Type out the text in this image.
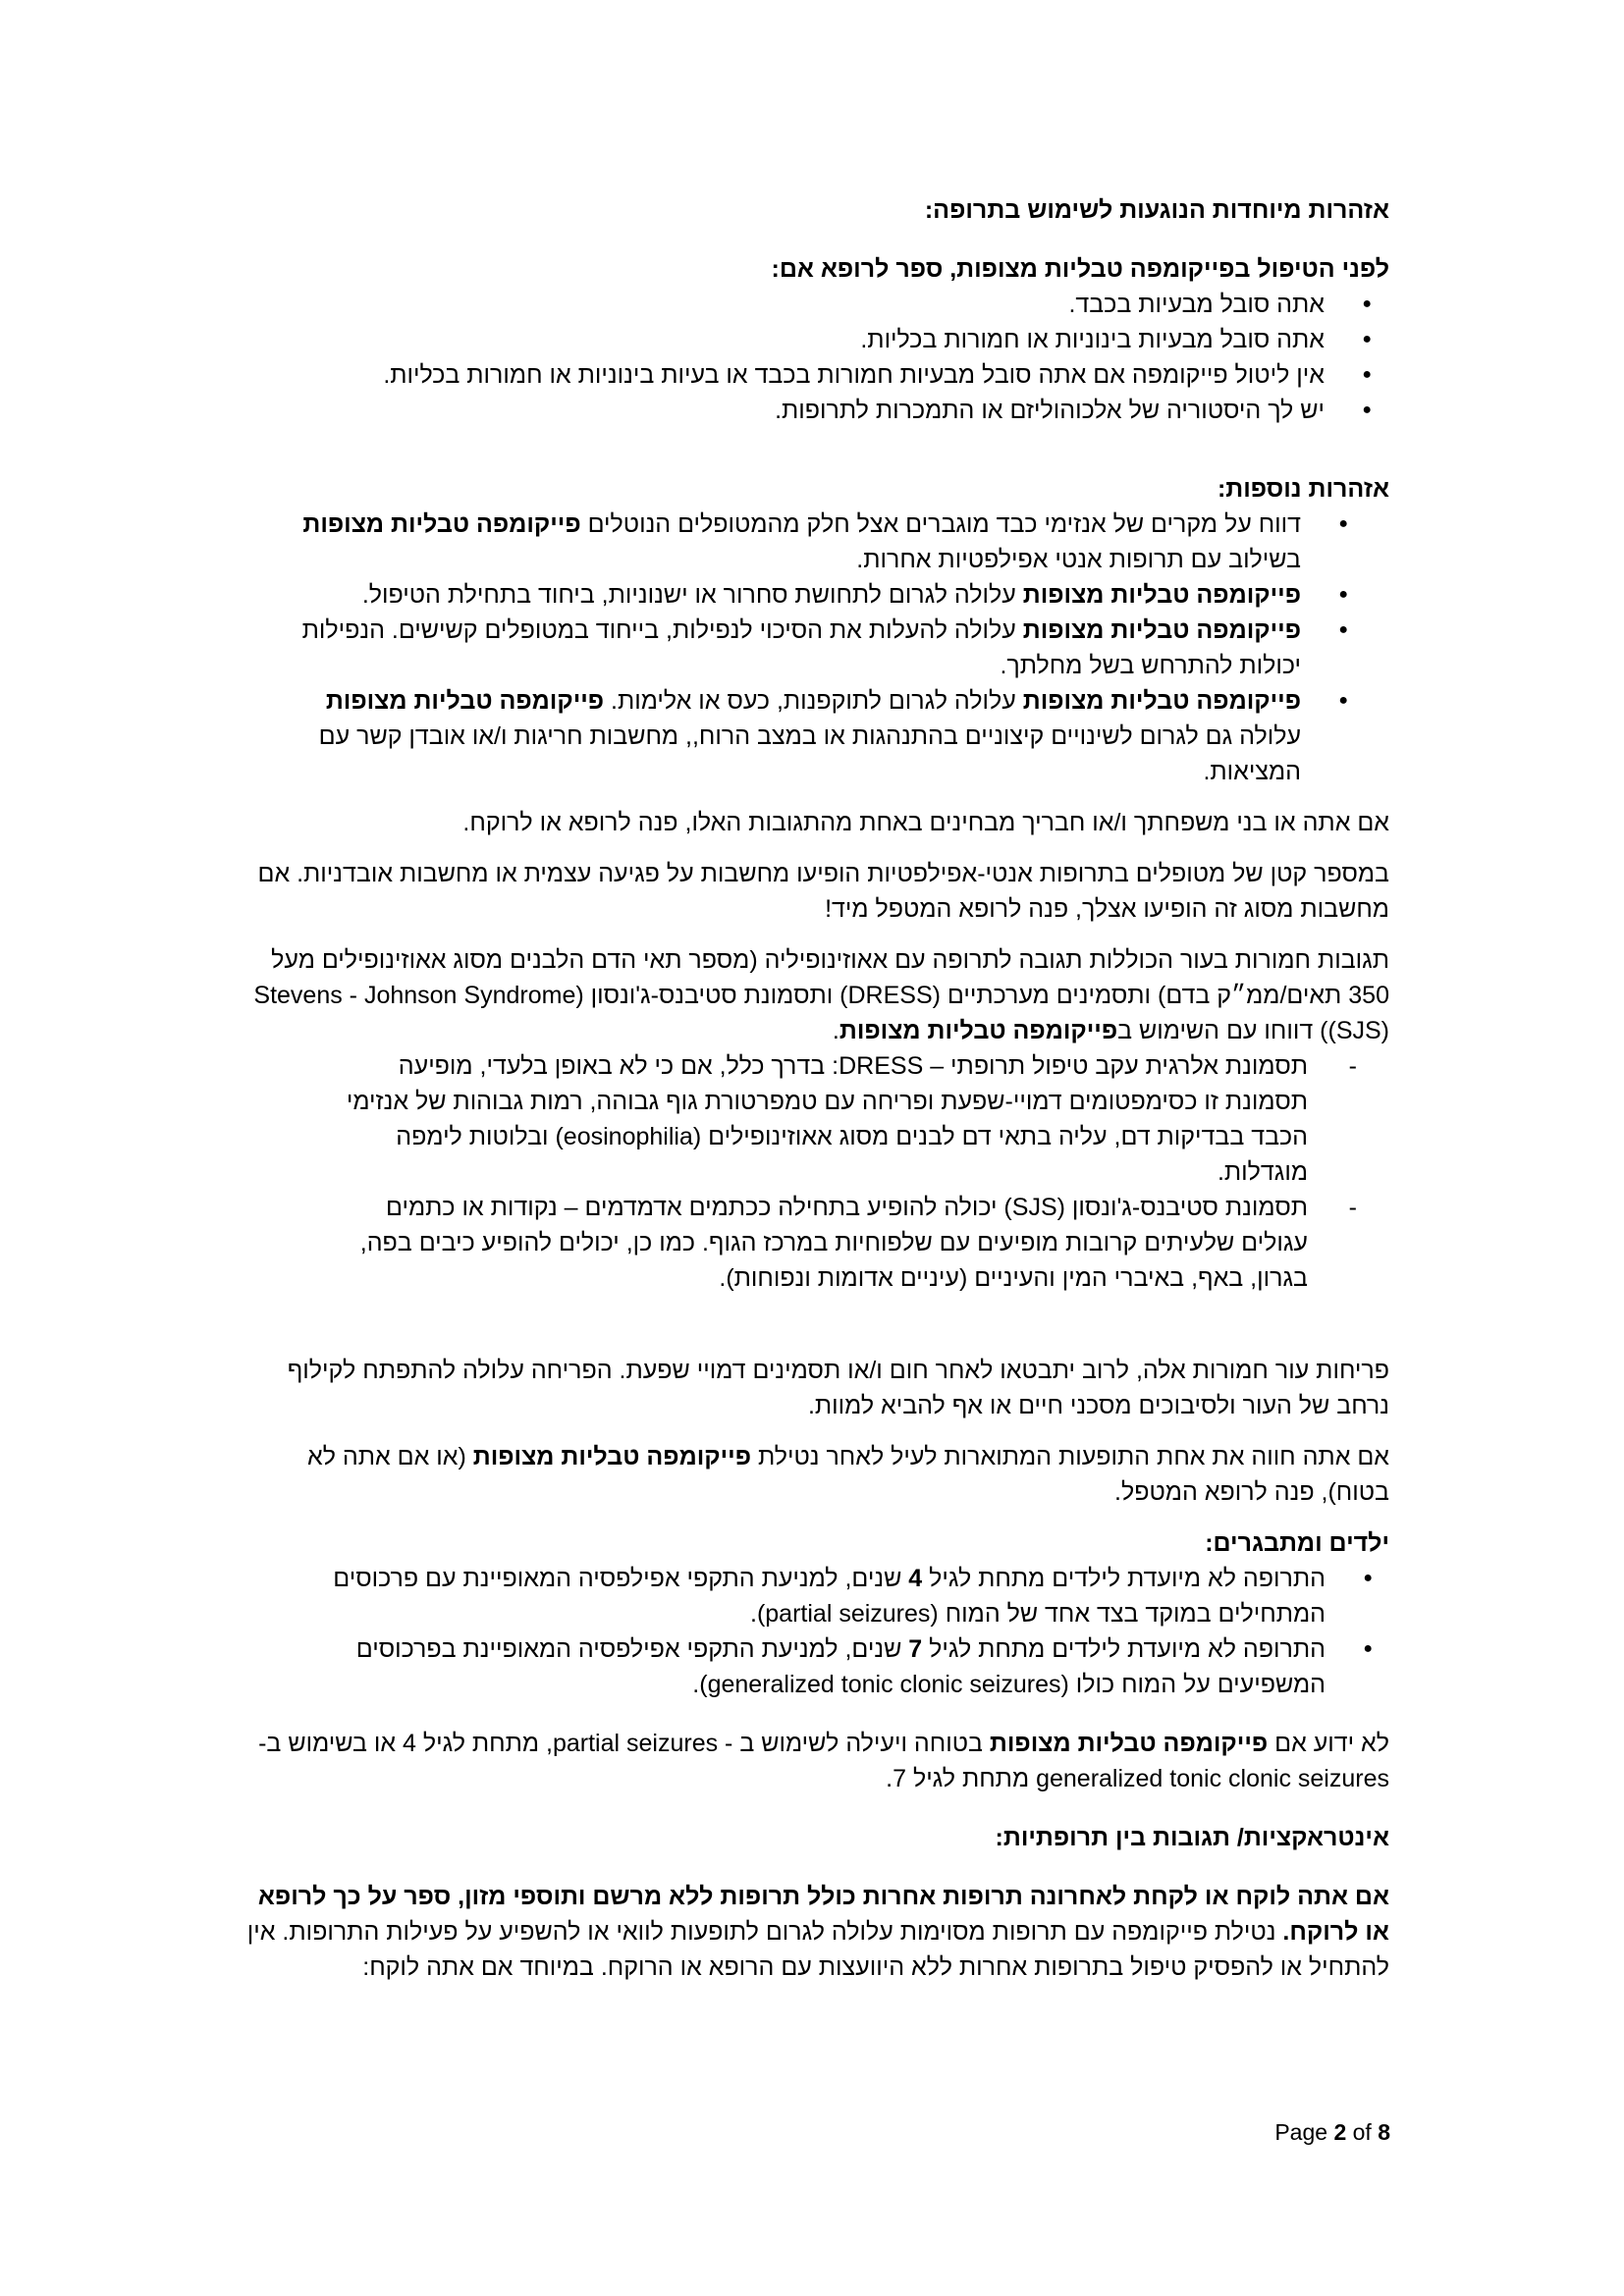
אזהרות מיוחדות הנוגעות לשימוש בתרופה:

לפני הטיפול בפייקומפה טבליות מצופות, ספר לרופא אם:

● אתה סובל מבעיות בכבד.
● אתה סובל מבעיות בינוניות או חמורות בכליות.
● אין ליטול פייקומפה אם אתה סובל מבעיות חמורות בכבד או בעיות בינוניות או חמורות בכליות.
● יש לך היסטוריה של אלכוהוליזם או התמכרות לתרופות.

אזהרות נוספות:

● דווח על מקרים של אנזימי כבד מוגברים אצל חלק מהמטופלים הנוטלים פייקומפה טבליות מצופות בשילוב עם תרופות אנטי אפילפטיות אחרות.
● פייקומפה טבליות מצופות עלולה לגרום לתחושת סחרור או ישנוניות, ביחוד בתחילת הטיפול.
● פייקומפה טבליות מצופות עלולה להעלות את הסיכוי לנפילות, בייחוד במטופלים קשישים. הנפילות יכולות להתרחש בשל מחלתך.
● פייקומפה טבליות מצופות עלולה לגרום לתוקפנות, כעס או אלימות. פייקומפה טבליות מצופות עלולה גם לגרום לשינויים קיצוניים בהתנהגות או במצב הרוח,, מחשבות חריגות ו/או אובדן קשר עם המציאות.

אם אתה או בני משפחתך ו/או חבריך מבחינים באחת מהתגובות האלו, פנה לרופא או לרוקח.

במספר קטן של מטופלים בתרופות אנטי-אפילפטיות הופיעו מחשבות על פגיעה עצמית או מחשבות אובדניות. אם מחשבות מסוג זה הופיעו אצלך, פנה לרופא המטפל מיד!

תגובות חמורות בעור הכוללות תגובה לתרופה עם אאוזינופיליה (מספר תאי הדם הלבנים מסוג אאוזינופילים מעל 350 תאים/ממ״ק בדם) ותסמינים מערכתיים (DRESS) ותסמונת סטיבנס-ג'ונסון (Stevens - Johnson Syndrome (SJS)) דווחו עם השימוש בפייקומפה טבליות מצופות.

- תסמונת אלרגית עקב טיפול תרופתי – DRESS: בדרך כלל, אם כי לא באופן בלעדי, מופיעה תסמונת זו כסימפטומים דמויי-שפעת ופריחה עם טמפרטורת גוף גבוהה, רמות גבוהות של אנזימי הכבד בבדיקות דם, עליה בתאי דם לבנים מסוג אאוזינופילים (eosinophilia) ובלוטות לימפה מוגדלות.
- תסמונת סטיבנס-ג'ונסון (SJS) יכולה להופיע בתחילה ככתמים אדמדמים – נקודות או כתמים עגולים שלעיתים קרובות מופיעים עם שלפוחיות במרכז הגוף. כמו כן, יכולים להופיע כיבים בפה, בגרון, באף, באיברי המין והעיניים (עיניים אדומות ונפוחות).

פריחות עור חמורות אלה, לרוב יתבטאו לאחר חום ו/או תסמינים דמויי שפעת. הפריחה עלולה להתפתח לקילוף נרחב של העור ולסיבוכים מסכני חיים או אף להביא למוות.

אם אתה חווה את אחת התופעות המתוארות לעיל לאחר נטילת פייקומפה טבליות מצופות (או אם אתה לא בטוח), פנה לרופא המטפל.

ילדים ומתבגרים:

● התרופה לא מיועדת לילדים מתחת לגיל 4 שנים, למניעת התקפי אפילפסיה המאופיינת עם פרכוסים המתחילים במוקד בצד אחד של המוח (partial seizures).
● התרופה לא מיועדת לילדים מתחת לגיל 7 שנים, למניעת התקפי אפילפסיה המאופיינת בפרכוסים המשפיעים על המוח כולו (generalized tonic clonic seizures).

לא ידוע אם פייקומפה טבליות מצופות בטוחה ויעילה לשימוש ב - partial seizures, מתחת לגיל 4 או בשימוש ב- generalized tonic clonic seizures מתחת לגיל 7.

אינטראקציות/ תגובות בין תרופתיות:

אם אתה לוקח או לקחת לאחרונה תרופות אחרות כולל תרופות ללא מרשם ותוספי מזון, ספר על כך לרופא או לרוקח. נטילת פייקומפה עם תרופות מסוימות עלולה לגרום לתופעות לוואי או להשפיע על פעילות התרופות. אין להתחיל או להפסיק טיפול בתרופות אחרות ללא היוועצות עם הרופא או הרוקח. במיוחד אם אתה לוקח:

Page 2 of 8
